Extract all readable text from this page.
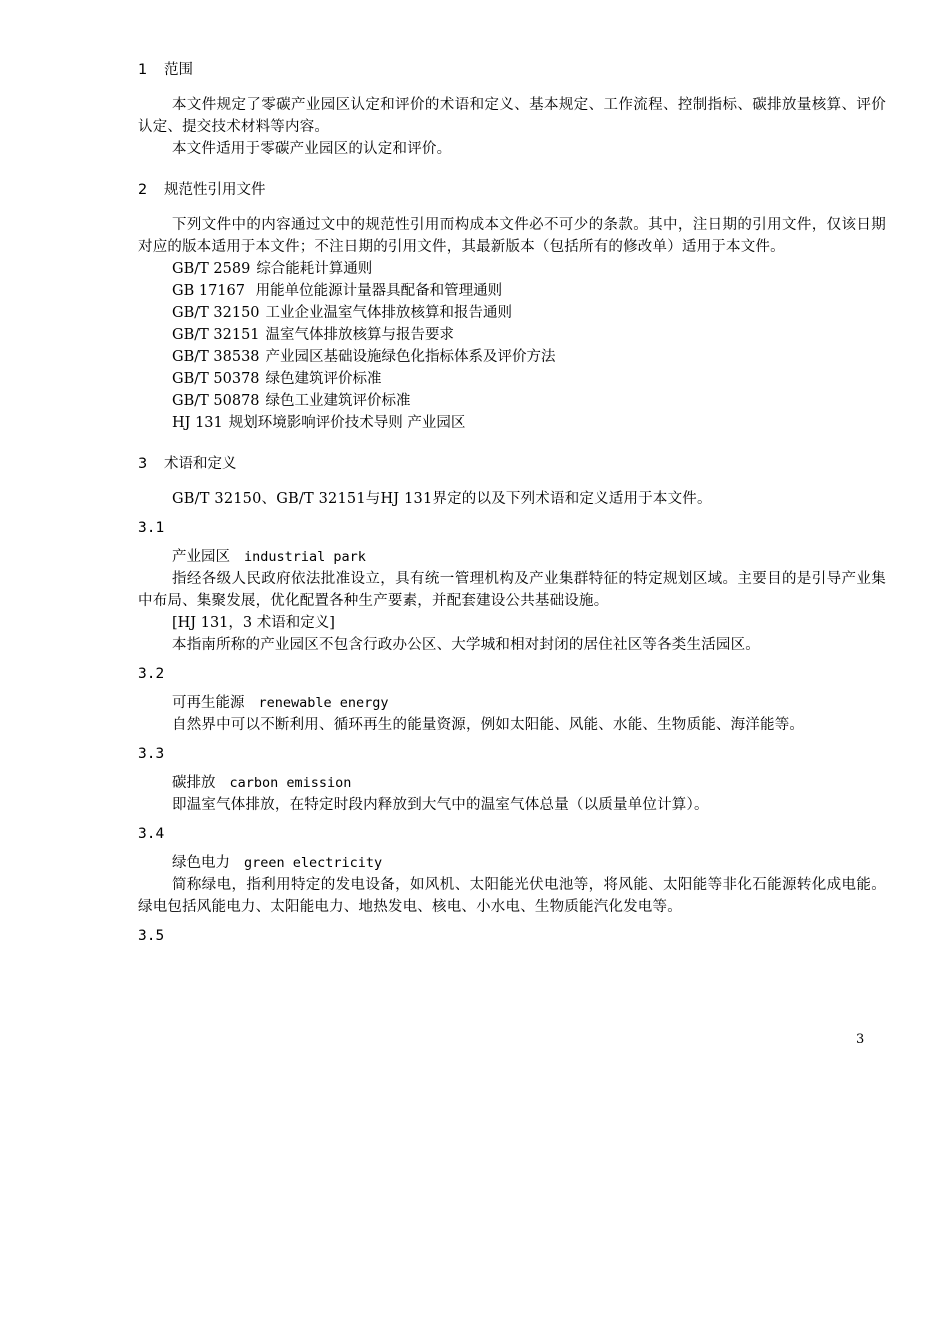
1 范围
本文件规定了零碳产业园区认定和评价的术语和定义、基本规定、工作流程、控制指标、碳排放量核算、评价认定、提交技术材料等内容。
本文件适用于零碳产业园区的认定和评价。
2 规范性引用文件
下列文件中的内容通过文中的规范性引用而构成本文件必不可少的条款。其中，注日期的引用文件，仅该日期对应的版本适用于本文件；不注日期的引用文件，其最新版本（包括所有的修改单）适用于本文件。
GB/T 2589 综合能耗计算通则
GB 17167 用能单位能源计量器具配备和管理通则
GB/T 32150 工业企业温室气体排放核算和报告通则
GB/T 32151 温室气体排放核算与报告要求
GB/T 38538 产业园区基础设施绿色化指标体系及评价方法
GB/T 50378 绿色建筑评价标准
GB/T 50878 绿色工业建筑评价标准
HJ 131 规划环境影响评价技术导则 产业园区
3 术语和定义
GB/T 32150、GB/T 32151与HJ 131界定的以及下列术语和定义适用于本文件。
3.1
产业园区 industrial park
指经各级人民政府依法批准设立，具有统一管理机构及产业集群特征的特定规划区域。主要目的是引导产业集中布局、集聚发展，优化配置各种生产要素，并配套建设公共基础设施。
[HJ 131，3 术语和定义]
本指南所称的产业园区不包含行政办公区、大学城和相对封闭的居住社区等各类生活园区。
3.2
可再生能源 renewable energy
自然界中可以不断利用、循环再生的能量资源，例如太阳能、风能、水能、生物质能、海洋能等。
3.3
碳排放 carbon emission
即温室气体排放，在特定时段内释放到大气中的温室气体总量（以质量单位计算）。
3.4
绿色电力 green electricity
简称绿电，指利用特定的发电设备，如风机、太阳能光伏电池等，将风能、太阳能等非化石能源转化成电能。绿电包括风能电力、太阳能电力、地热发电、核电、小水电、生物质能汽化发电等。
3.5
3
